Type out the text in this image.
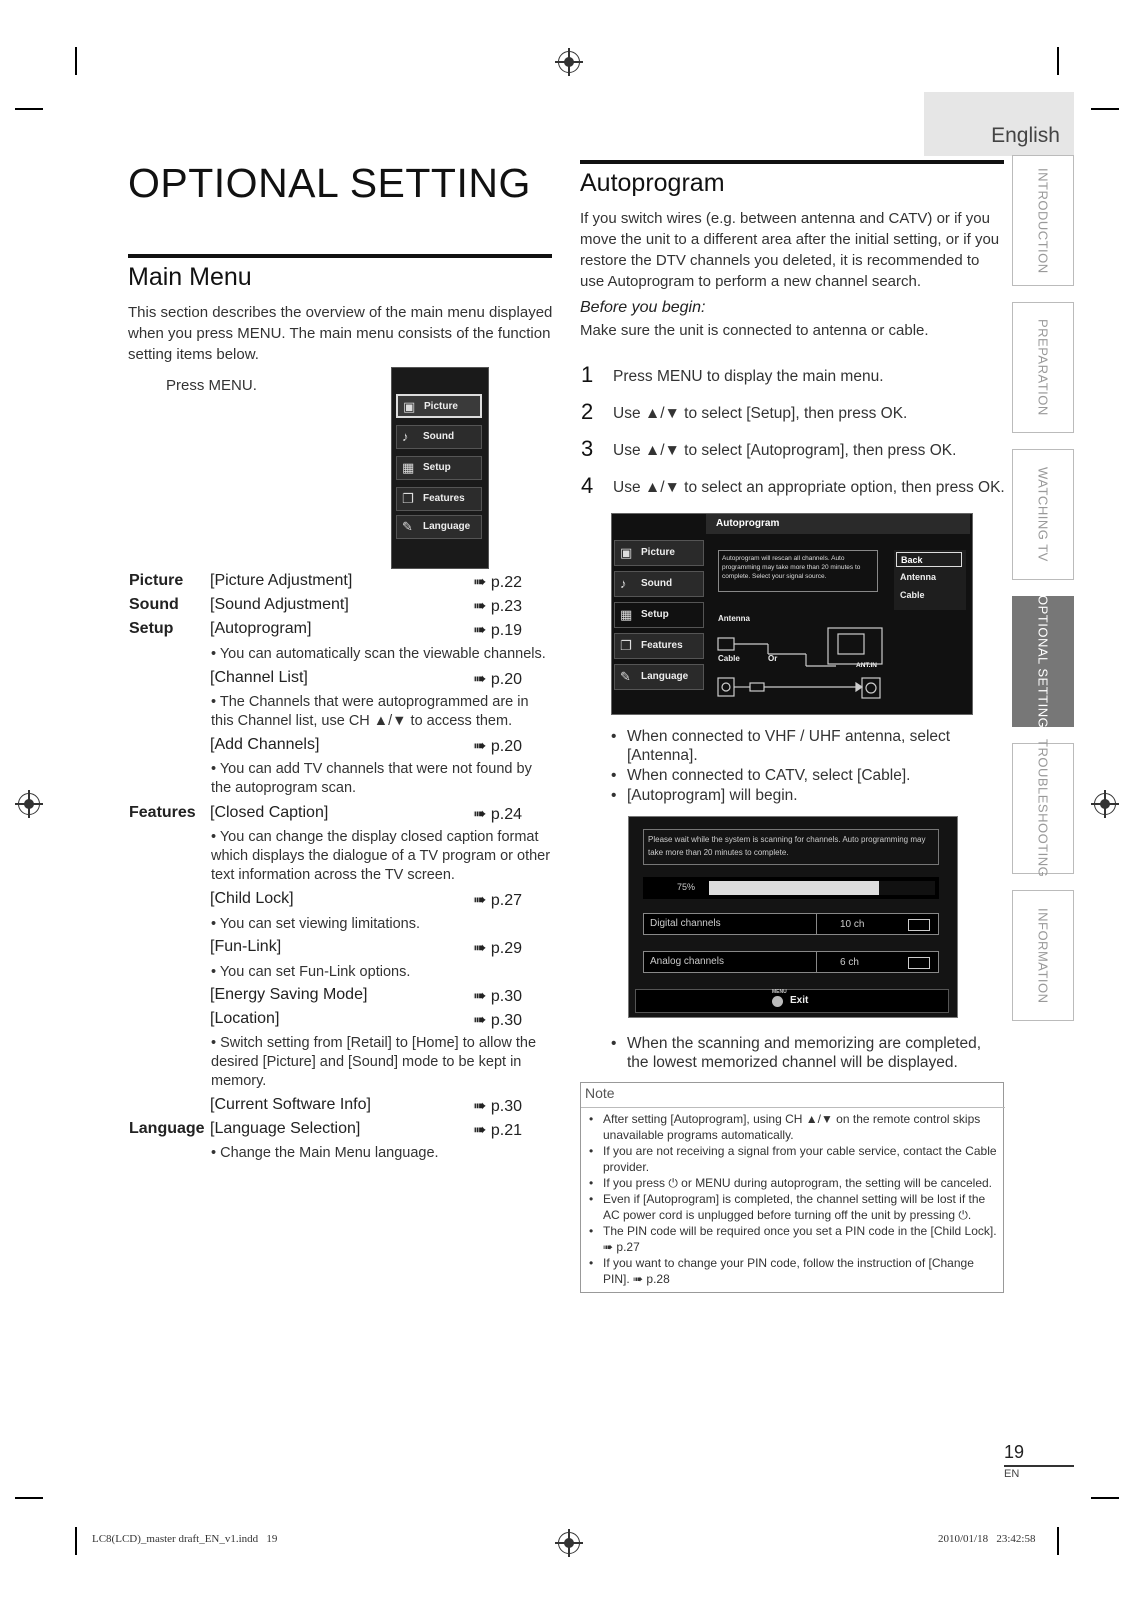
English
INTRODUCTION
PREPARATION
WATCHING TV
OPTIONAL SETTING
TROUBLESHOOTING
INFORMATION
OPTIONAL SETTING
Main Menu
This section describes the overview of the main menu displayed when you press MENU. The main menu consists of the function setting items below.
Press MENU.
▣ Picture
♪	Sound
▦ Setup
❐ Features
✎	Language
Picture [Picture Adjustment]	➠ p.22
Sound [Sound Adjustment]	➠ p.23
Setup [Autoprogram]	➠ p.19
• You can automatically scan the viewable channels.
[Channel List]	➠ p.20
• The Channels that were autoprogrammed are in this Channel list, use CH ▲/▼ to access them.
[Add Channels]	➠ p.20
• You can add TV channels that were not found by the autoprogram scan.
Features [Closed Caption]	➠ p.24
• You can change the display closed caption format which displays the dialogue of a TV program or other text information across the TV screen.
[Child Lock]	➠ p.27
• You can set viewing limitations.
[Fun-Link]	➠ p.29
• You can set Fun-Link options.
[Energy Saving Mode]	➠ p.30
[Location]	➠ p.30
• Switch setting from [Retail] to [Home] to allow the desired [Picture] and [Sound] mode to be kept in memory.
[Current Software Info]	➠ p.30
Language [Language Selection]	➠ p.21
• Change the Main Menu language.
Autoprogram
If you switch wires (e.g. between antenna and CATV) or if you move the unit to a different area after the initial setting, or if you restore the DTV channels you deleted, it is recommended to use Autoprogram to perform a new channel search.
Before you begin:
Make sure the unit is connected to antenna or cable.
1 Press MENU to display the main menu.
2 Use ▲/▼ to select [Setup], then press OK.
3 Use ▲/▼ to select [Autoprogram], then press OK.
4 Use ▲/▼ to select an appropriate option, then press OK.
Autoprogram
▣ Picture
♪ Sound
▦ Setup
❐ Features
✎ Language
Autoprogram will rescan all channels. Auto programming may take more than 20 minutes to complete. Select your signal source.
Back
Antenna
Cable
Antenna
Cable	Or
ANT.IN
• When connected to VHF / UHF antenna, select [Antenna].
• When connected to CATV, select [Cable].
• [Autoprogram] will begin.
Please wait while the system is scanning for channels. Auto programming may take more than 20 minutes to complete.
75%
Digital channels	10 ch
Analog channels	6 ch
MENU
Exit
• When the scanning and memorizing are completed, the lowest memorized channel will be displayed.
Note
• After setting [Autoprogram], using CH ▲/▼ on the remote control skips unavailable programs automatically.
• If you are not receiving a signal from your cable service, contact the Cable provider.
• If you press ⏻ or MENU during autoprogram, the setting will be canceled.
• Even if [Autoprogram] is completed, the channel setting will be lost if the AC power cord is unplugged before turning off the unit by pressing ⏻.
• The PIN code will be required once you set a PIN code in the [Child Lock]. ➠ p.27
• If you want to change your PIN code, follow the instruction of [Change PIN]. ➠ p.28
19
EN
LC8(LCD)_master draft_EN_v1.indd   19	2010/01/18   23:42:58
